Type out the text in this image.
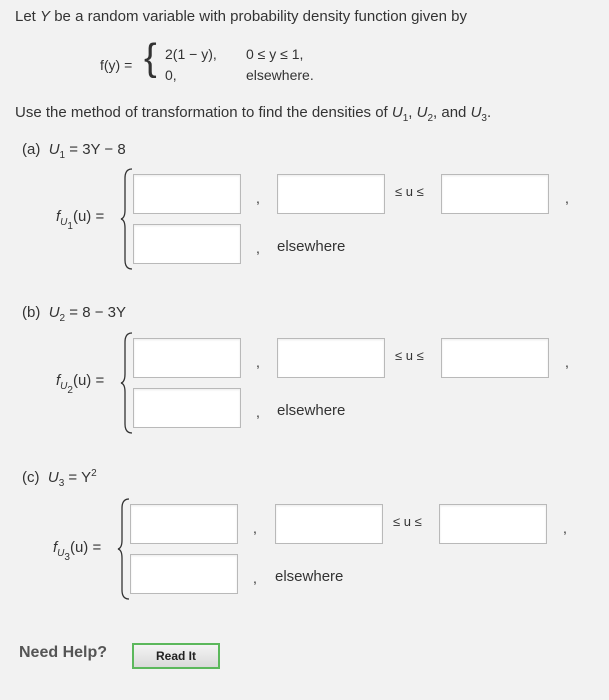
Let Y be a random variable with probability density function given by
f(y) = { 2(1 − y), 0 ≤ y ≤ 1,
0,	elsewhere.
Use the method of transformation to find the densities of $U_1$, $U_2$, and $U_3$.
(a) $U_1 = 3Y - 8$
$f_{U_1}(u)$ =
,	≤ u ≤	,
, elsewhere
(b) $U_2 = 8 - 3Y$
$f_{U_2}(u)$ =
,	≤ u ≤	,
, elsewhere
(c) $U_3 = Y^2$
$f_{U_3}(u)$ =
,	≤ u ≤	,
, elsewhere
Need Help?	Read It
